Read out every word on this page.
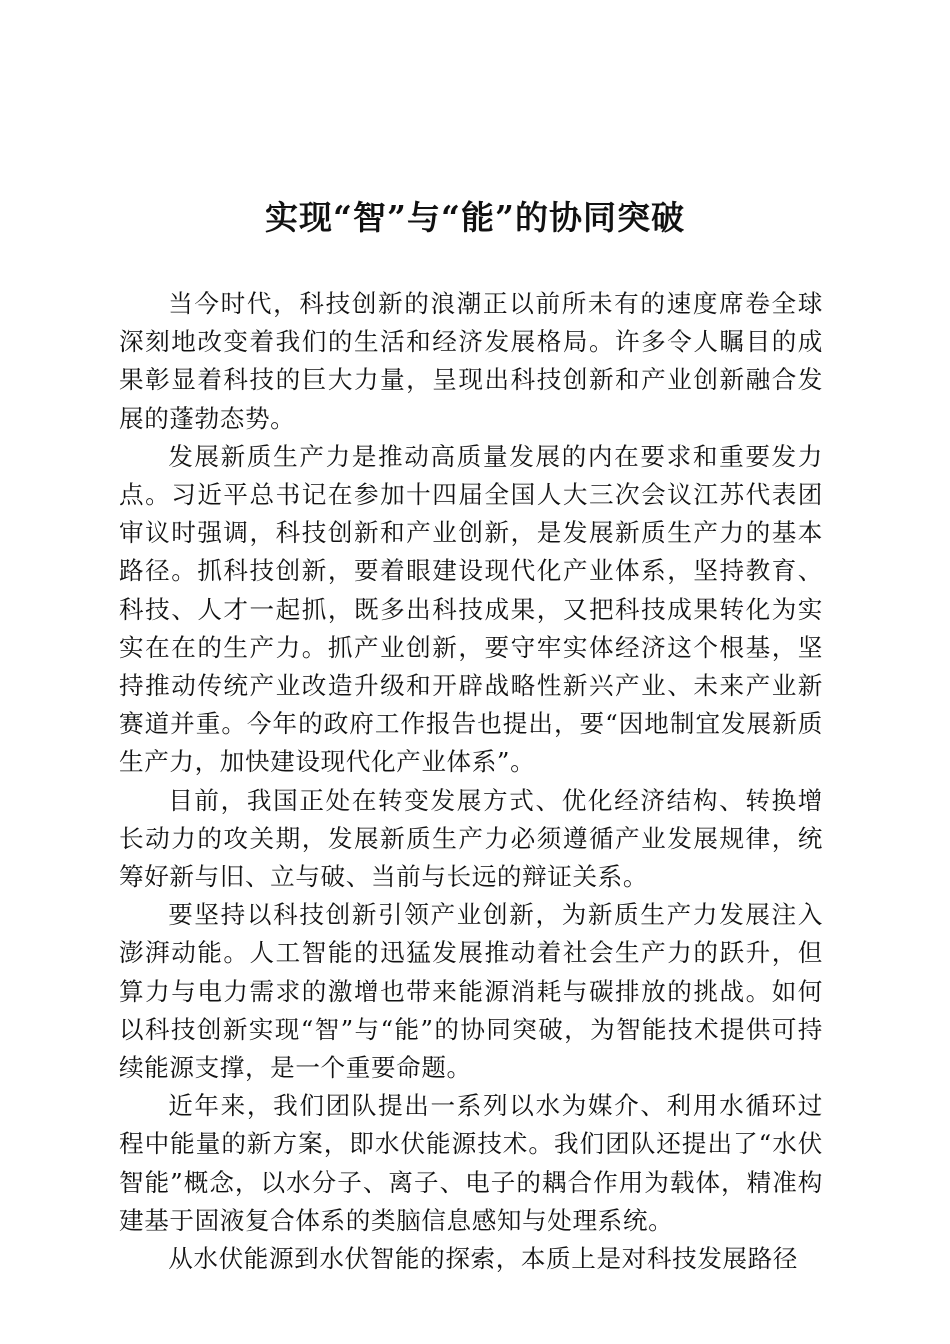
实现“智”与“能”的协同突破

当今时代，科技创新的浪潮正以前所未有的速度席卷全球深刻地改变着我们的生活和经济发展格局。许多令人瞩目的成果彰显着科技的巨大力量，呈现出科技创新和产业创新融合发展的蓬勃态势。

发展新质生产力是推动高质量发展的内在要求和重要发力点。习近平总书记在参加十四届全国人大三次会议江苏代表团审议时强调，科技创新和产业创新，是发展新质生产力的基本路径。抓科技创新，要着眼建设现代化产业体系，坚持教育、科技、人才一起抓，既多出科技成果，又把科技成果转化为实实在在的生产力。抓产业创新，要守牢实体经济这个根基，坚持推动传统产业改造升级和开辟战略性新兴产业、未来产业新赛道并重。今年的政府工作报告也提出，要“因地制宜发展新质生产力，加快建设现代化产业体系”。

目前，我国正处在转变发展方式、优化经济结构、转换增长动力的攻关期，发展新质生产力必须遵循产业发展规律，统筹好新与旧、立与破、当前与长远的辩证关系。

要坚持以科技创新引领产业创新，为新质生产力发展注入澎湃动能。人工智能的迅猛发展推动着社会生产力的跃升，但算力与电力需求的激增也带来能源消耗与碳排放的挑战。如何以科技创新实现“智”与“能”的协同突破，为智能技术提供可持续能源支撑，是一个重要命题。

近年来，我们团队提出一系列以水为媒介、利用水循环过程中能量的新方案，即水伏能源技术。我们团队还提出了“水伏智能”概念，以水分子、离子、电子的耦合作用为载体，精准构建基于固液复合体系的类脑信息感知与处理系统。

从水伏能源到水伏智能的探索，本质上是对科技发展路径
